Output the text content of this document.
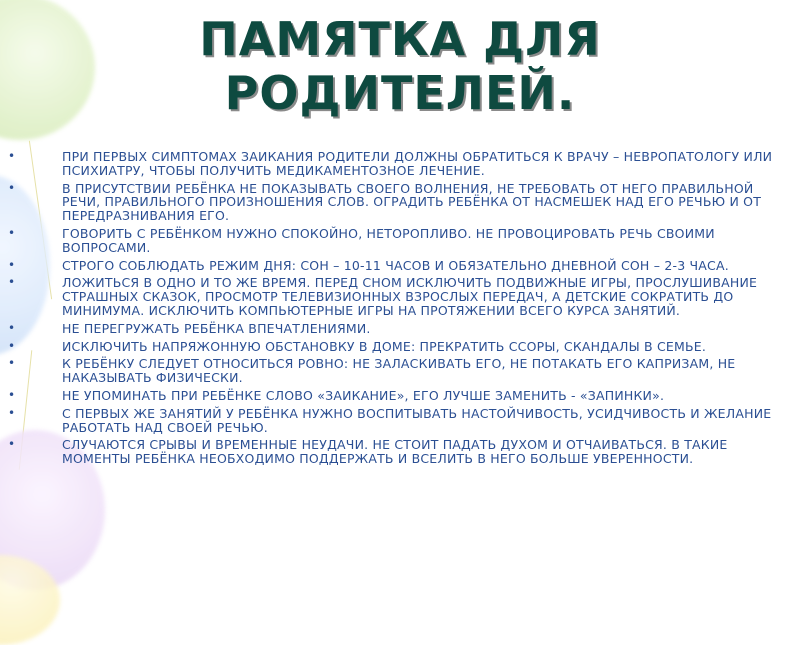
ПАМЯТКА ДЛЯ РОДИТЕЛЕЙ.
•	ПРИ ПЕРВЫХ СИМПТОМАХ ЗАИКАНИЯ РОДИТЕЛИ ДОЛЖНЫ ОБРАТИТЬСЯ К ВРАЧУ – НЕВРОПАТОЛОГУ ИЛИ ПСИХИАТРУ, ЧТОБЫ ПОЛУЧИТЬ МЕДИКАМЕНТОЗНОЕ ЛЕЧЕНИЕ.
•	В ПРИСУТСТВИИ РЕБЁНКА НЕ ПОКАЗЫВАТЬ СВОЕГО ВОЛНЕНИЯ, НЕ ТРЕБОВАТЬ ОТ НЕГО ПРАВИЛЬНОЙ РЕЧИ, ПРАВИЛЬНОГО ПРОИЗНОШЕНИЯ СЛОВ. ОГРАДИТЬ РЕБЁНКА ОТ НАСМЕШЕК НАД ЕГО РЕЧЬЮ И ОТ ПЕРЕДРАЗНИВАНИЯ ЕГО.
•	ГОВОРИТЬ С РЕБЁНКОМ НУЖНО СПОКОЙНО, НЕТОРОПЛИВО. НЕ ПРОВОЦИРОВАТЬ РЕЧЬ СВОИМИ ВОПРОСАМИ.
•	СТРОГО СОБЛЮДАТЬ РЕЖИМ ДНЯ: СОН – 10-11 ЧАСОВ И ОБЯЗАТЕЛЬНО ДНЕВНОЙ СОН – 2-3 ЧАСА.
•	ЛОЖИТЬСЯ В ОДНО И ТО ЖЕ ВРЕМЯ. ПЕРЕД СНОМ ИСКЛЮЧИТЬ ПОДВИЖНЫЕ ИГРЫ, ПРОСЛУШИВАНИЕ СТРАШНЫХ СКАЗОК, ПРОСМОТР ТЕЛЕВИЗИОННЫХ ВЗРОСЛЫХ ПЕРЕДАЧ, А ДЕТСКИЕ СОКРАТИТЬ ДО МИНИМУМА. ИСКЛЮЧИТЬ КОМПЬЮТЕРНЫЕ ИГРЫ НА ПРОТЯЖЕНИИ ВСЕГО КУРСА ЗАНЯТИЙ.
•	НЕ ПЕРЕГРУЖАТЬ РЕБЁНКА ВПЕЧАТЛЕНИЯМИ.
•	ИСКЛЮЧИТЬ НАПРЯЖОННУЮ ОБСТАНОВКУ В ДОМЕ: ПРЕКРАТИТЬ ССОРЫ, СКАНДАЛЫ В СЕМЬЕ.
•	К РЕБЁНКУ СЛЕДУЕТ ОТНОСИТЬСЯ РОВНО: НЕ ЗАЛАСКИВАТЬ ЕГО, НЕ ПОТАКАТЬ ЕГО КАПРИЗАМ, НЕ НАКАЗЫВАТЬ ФИЗИЧЕСКИ.
•	НЕ УПОМИНАТЬ ПРИ РЕБЁНКЕ СЛОВО «ЗАИКАНИЕ», ЕГО ЛУЧШЕ ЗАМЕНИТЬ - «ЗАПИНКИ».
•	С ПЕРВЫХ ЖЕ ЗАНЯТИЙ У РЕБЁНКА НУЖНО ВОСПИТЫВАТЬ НАСТОЙЧИВОСТЬ, УСИДЧИВОСТЬ И ЖЕЛАНИЕ РАБОТАТЬ НАД СВОЕЙ РЕЧЬЮ.
•	СЛУЧАЮТСЯ СРЫВЫ И ВРЕМЕННЫЕ НЕУДАЧИ. НЕ СТОИТ ПАДАТЬ ДУХОМ И ОТЧАИВАТЬСЯ. В ТАКИЕ МОМЕНТЫ РЕБЁНКА НЕОБХОДИМО ПОДДЕРЖАТЬ И ВСЕЛИТЬ В НЕГО БОЛЬШЕ УВЕРЕННОСТИ.
